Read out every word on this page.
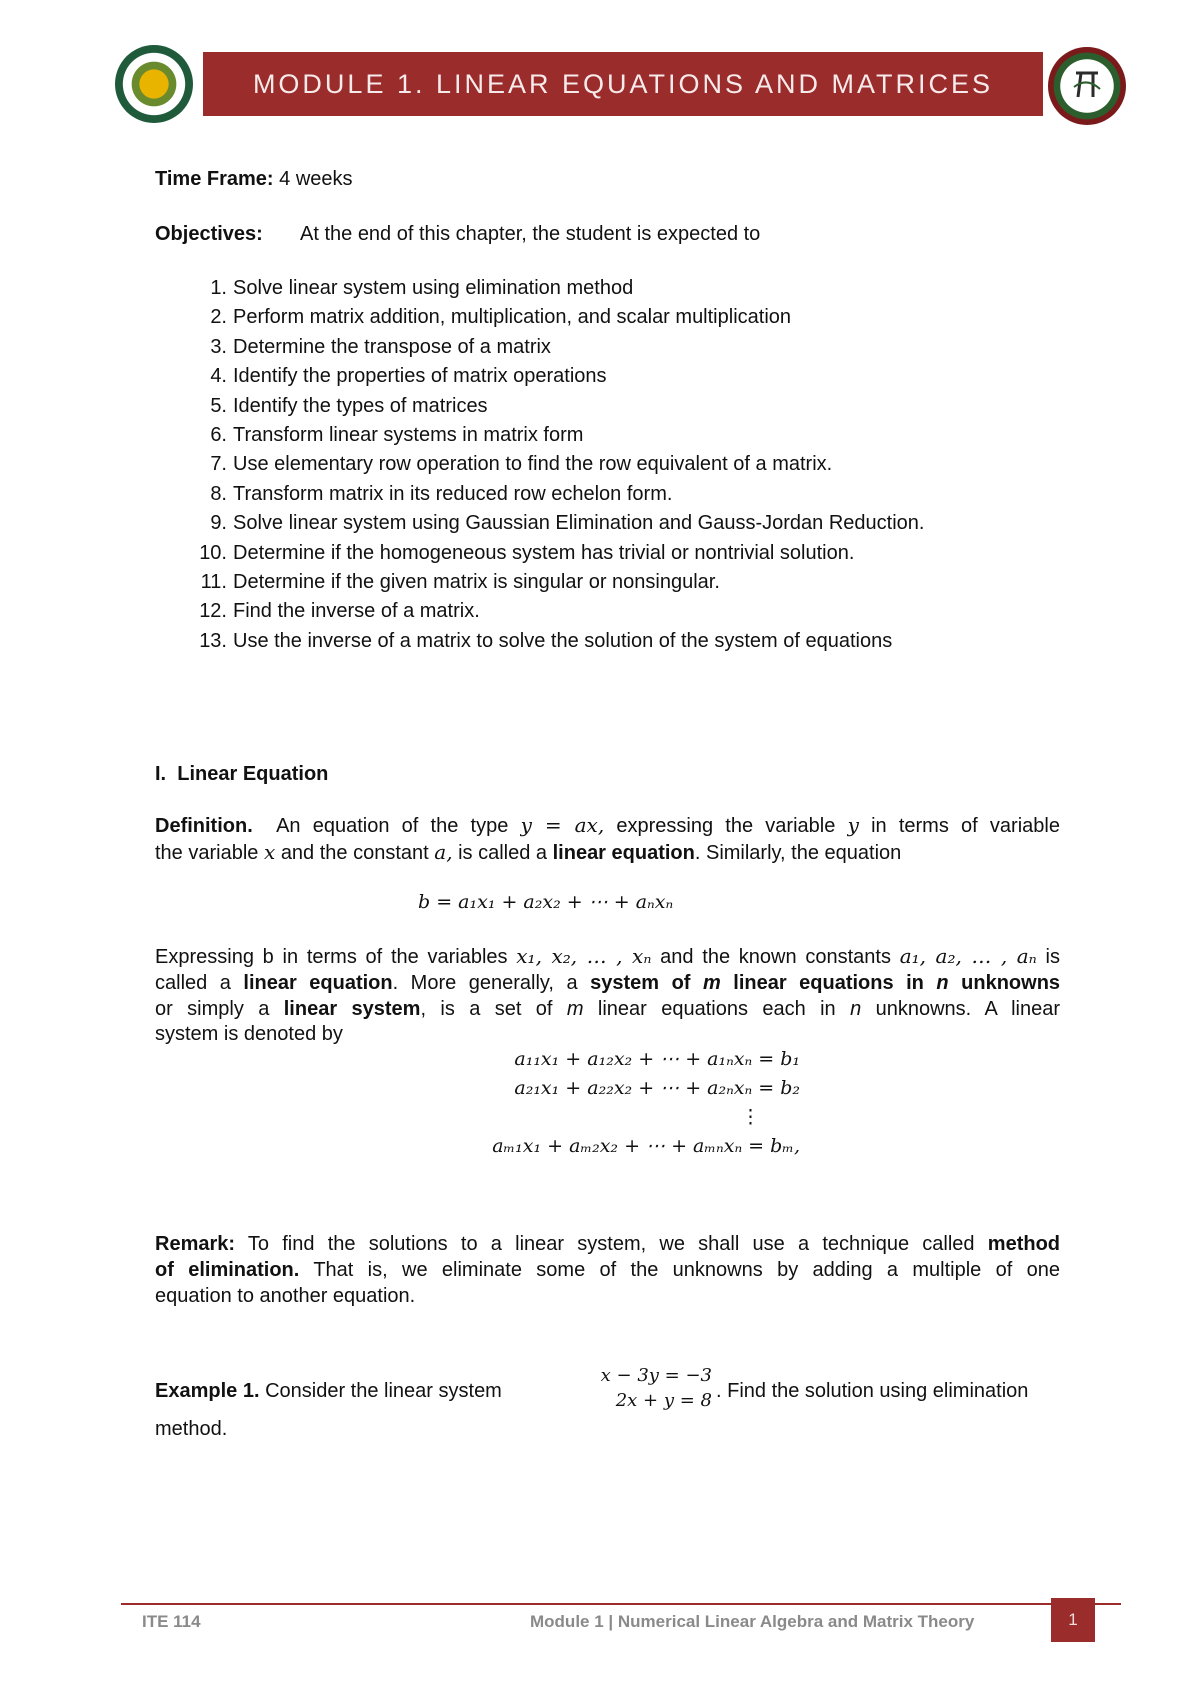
MODULE 1. LINEAR EQUATIONS AND MATRICES
Time Frame: 4 weeks
Objectives: At the end of this chapter, the student is expected to
1. Solve linear system using elimination method
2. Perform matrix addition, multiplication, and scalar multiplication
3. Determine the transpose of a matrix
4. Identify the properties of matrix operations
5. Identify the types of matrices
6. Transform linear systems in matrix form
7. Use elementary row operation to find the row equivalent of a matrix.
8. Transform matrix in its reduced row echelon form.
9. Solve linear system using Gaussian Elimination and Gauss-Jordan Reduction.
10. Determine if the homogeneous system has trivial or nontrivial solution.
11. Determine if the given matrix is singular or nonsingular.
12. Find the inverse of a matrix.
13. Use the inverse of a matrix to solve the solution of the system of equations
I. Linear Equation
Definition. An equation of the type y = ax, expressing the variable y in terms of variable
the variable x and the constant a, is called a linear equation. Similarly, the equation
b = a₁x₁ + a₂x₂ + ⋯ + aₙxₙ
Expressing b in terms of the variables x₁, x₂, … , xₙ and the known constants a₁, a₂, … , aₙ is
called a linear equation. More generally, a system of m linear equations in n unknowns
or simply a linear system, is a set of m linear equations each in n unknowns. A linear
system is denoted by
a₁₁x₁ + a₁₂x₂ + ⋯ + a₁ₙxₙ = b₁
a₂₁x₁ + a₂₂x₂ + ⋯ + a₂ₙxₙ = b₂
⋮
aₘ₁x₁ + aₘ₂x₂ + ⋯ + aₘₙxₙ = bₘ,
Remark: To find the solutions to a linear system, we shall use a technique called method
of elimination. That is, we eliminate some of the unknowns by adding a multiple of one
equation to another equation.
Example 1. Consider the linear system
x − 3y = −3
2x + y = 8 . Find the solution using elimination
method.
ITE 114	Module 1 | Numerical Linear Algebra and Matrix Theory	1
